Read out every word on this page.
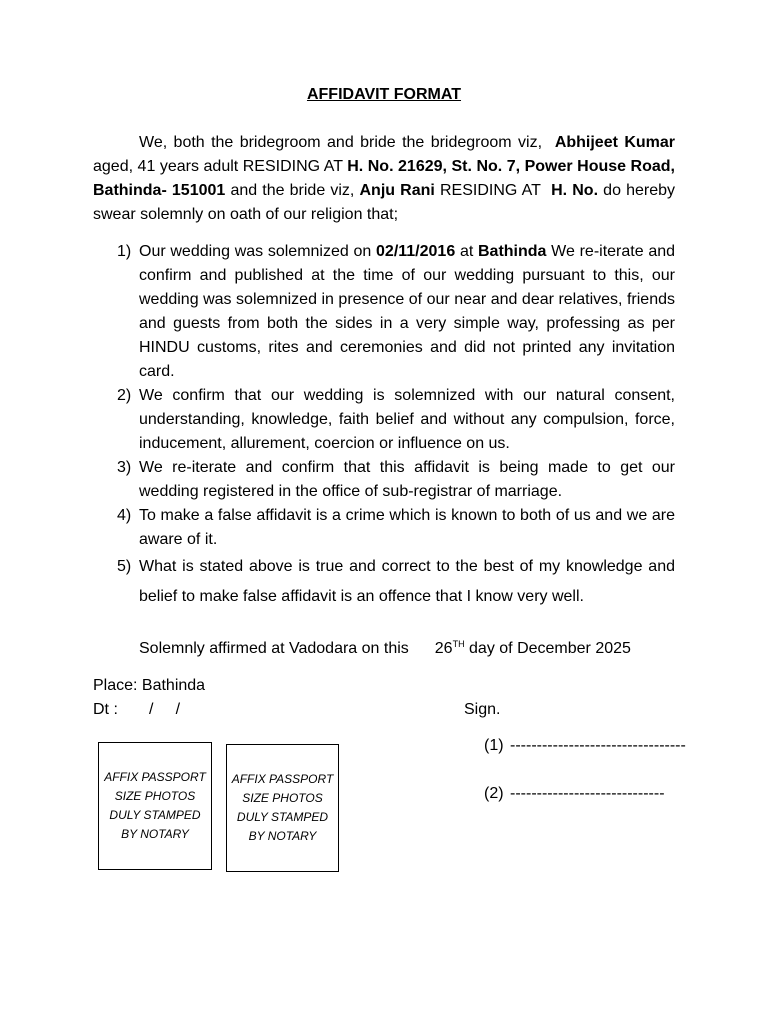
AFFIDAVIT FORMAT

We, both the bridegroom and bride the bridegroom viz, Abhijeet Kumar aged, 41 years adult RESIDING AT H. No. 21629, St. No. 7, Power House Road, Bathinda- 151001 and the bride viz, Anju Rani RESIDING AT H. No. do hereby swear solemnly on oath of our religion that;

1) Our wedding was solemnized on 02/11/2016 at Bathinda We re-iterate and confirm and published at the time of our wedding pursuant to this, our wedding was solemnized in presence of our near and dear relatives, friends and guests from both the sides in a very simple way, professing as per HINDU customs, rites and ceremonies and did not printed any invitation card.
2) We confirm that our wedding is solemnized with our natural consent, understanding, knowledge, faith belief and without any compulsion, force, inducement, allurement, coercion or influence on us.
3) We re-iterate and confirm that this affidavit is being made to get our wedding registered in the office of sub-registrar of marriage.
4) To make a false affidavit is a crime which is known to both of us and we are aware of it.
5) What is stated above is true and correct to the best of my knowledge and belief to make false affidavit is an offence that I know very well.
Solemnly affirmed at Vadodara on this 26TH day of December 2025
Place: Bathinda
Dt :       /     /	Sign.
(1) ---------------------------------
(2) -----------------------------
AFFIX PASSPORT SIZE PHOTOS DULY STAMPED BY NOTARY
AFFIX PASSPORT SIZE PHOTOS DULY STAMPED BY NOTARY
